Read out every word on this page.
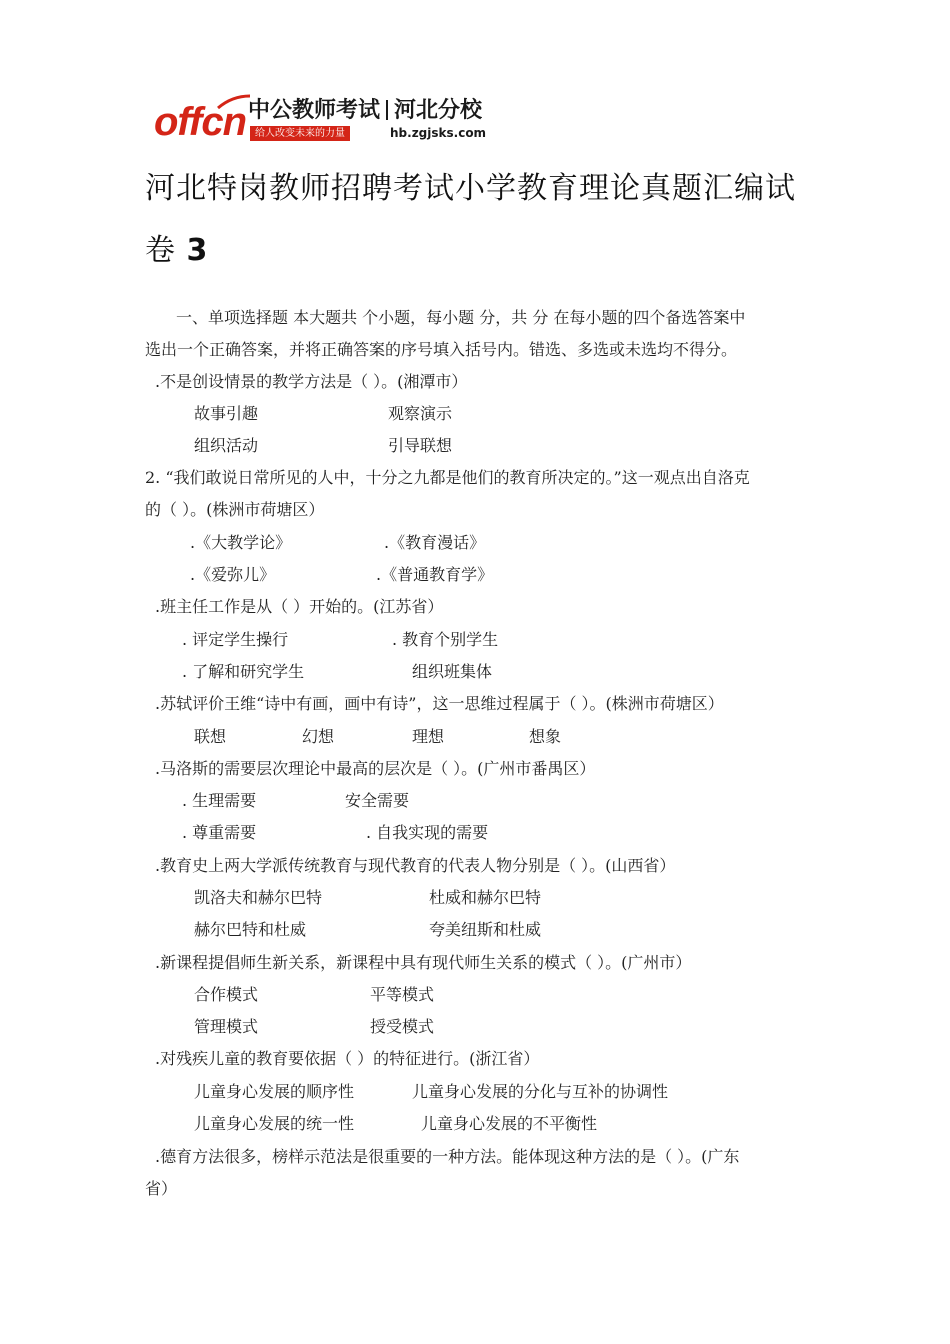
offcn 中公教师考试 河北分校
给人改变未来的力量	hb.zgjsks.com
河北特岗教师招聘考试小学教育理论真题汇编试
卷 3
一、单项选择题 本大题共 个小题，每小题 分，共 分 在每小题的四个备选答案中
选出一个正确答案，并将正确答案的序号填入括号内。错选、多选或未选均不得分。
.不是创设情景的教学方法是（ ）。(湘潭市）
故事引趣	观察演示
组织活动	引导联想
2. “我们敢说日常所见的人中，十分之九都是他们的教育所决定的。”这一观点出自洛克
的（ ）。(株洲市荷塘区）
.《大教学论》	.《教育漫话》
.《爱弥儿》	.《普通教育学》
.班主任工作是从（ ）开始的。(江苏省）
. 评定学生操行	. 教育个别学生
. 了解和研究学生	组织班集体
.苏轼评价王维“诗中有画，画中有诗”，这一思维过程属于（ ）。(株洲市荷塘区）
联想	幻想	理想	想象
.马洛斯的需要层次理论中最高的层次是（ ）。(广州市番禺区）
. 生理需要	安全需要
. 尊重需要	. 自我实现的需要
.教育史上两大学派传统教育与现代教育的代表人物分别是（ ）。(山西省）
凯洛夫和赫尔巴特	杜威和赫尔巴特
赫尔巴特和杜威	夸美纽斯和杜威
.新课程提倡师生新关系，新课程中具有现代师生关系的模式（ ）。(广州市）
合作模式	平等模式
管理模式	授受模式
.对残疾儿童的教育要依据（ ）的特征进行。(浙江省）
儿童身心发展的顺序性	儿童身心发展的分化与互补的协调性
儿童身心发展的统一性	儿童身心发展的不平衡性
.德育方法很多，榜样示范法是很重要的一种方法。能体现这种方法的是（ ）。(广东
省）
